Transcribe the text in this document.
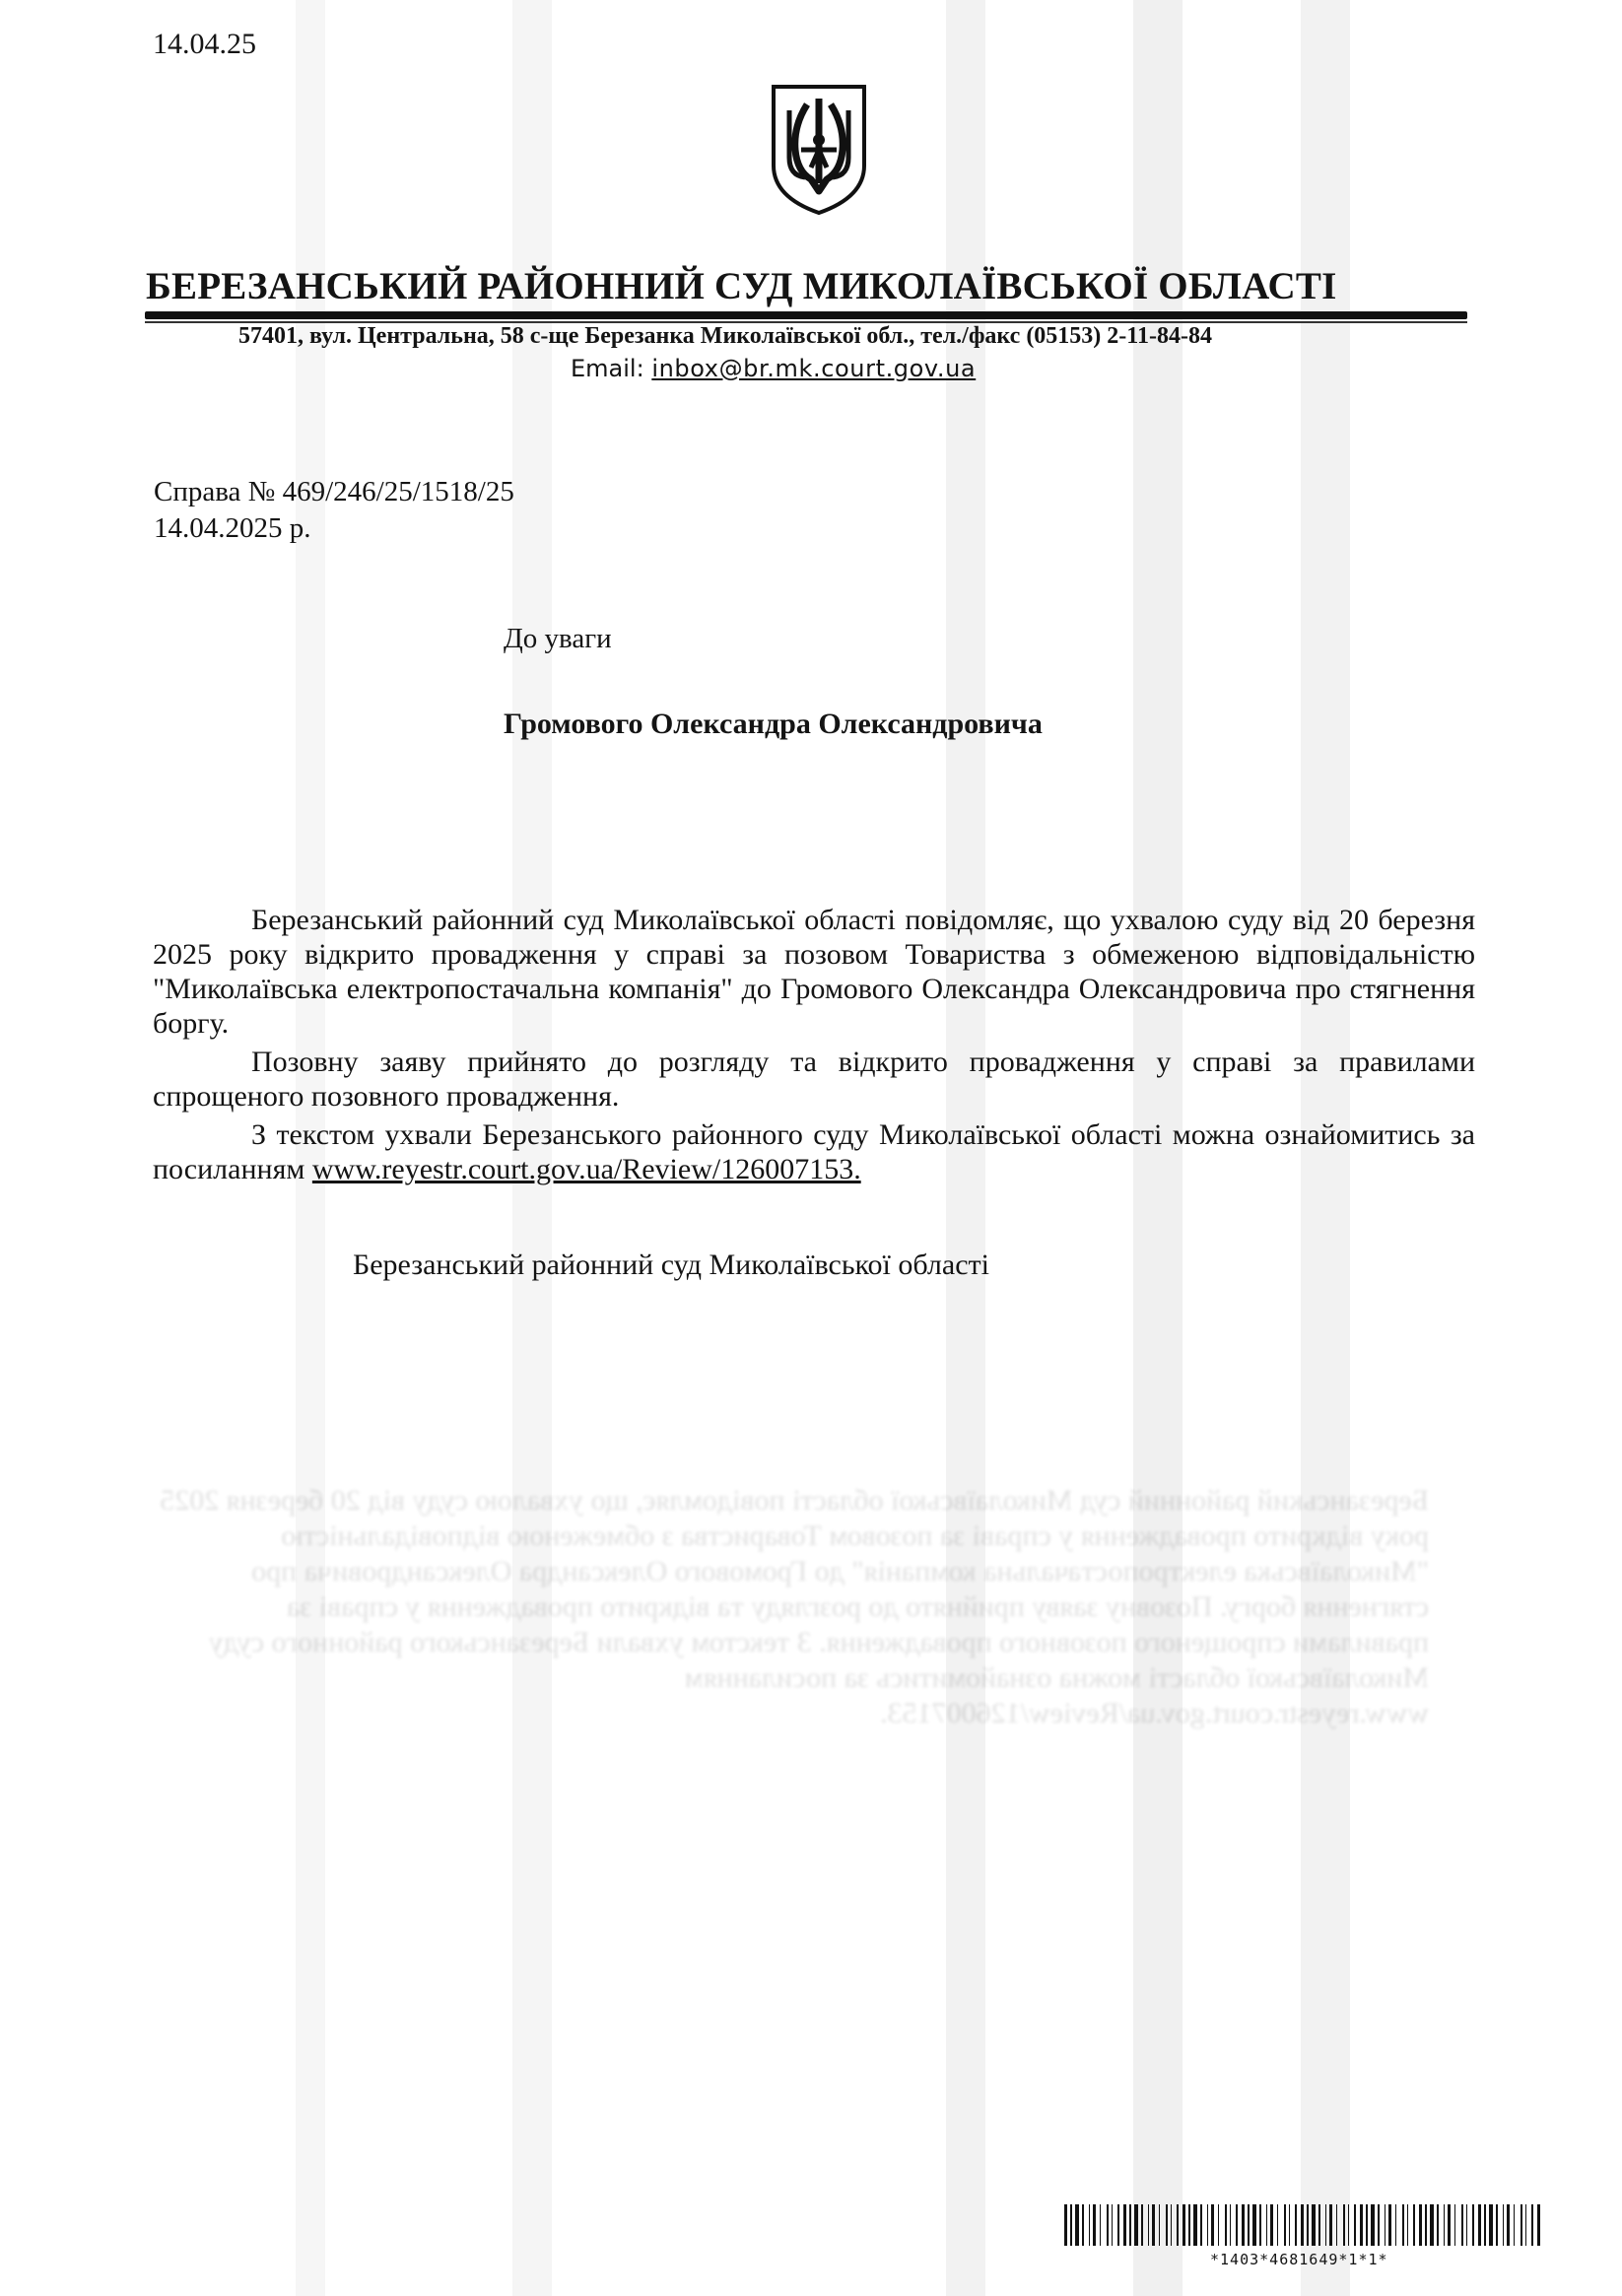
14.04.25
БЕРЕЗАНСЬКИЙ РАЙОННИЙ СУД МИКОЛАЇВСЬКОЇ ОБЛАСТІ
57401, вул. Центральна, 58 с-ще Березанка Миколаївської обл., тел./факс (05153) 2-11-84-84
Email: inbox@br.mk.court.gov.ua
Справа № 469/246/25/1518/25
14.04.2025 р.
До уваги
Громового Олександра Олександровича
Березанський районний суд Миколаївської області повідомляє, що ухвалою суду від 20 березня 2025 року відкрито провадження у справі за позовом Товариства з обмеженою відповідальністю "Миколаївська електропостачальна компанія" до Громового Олександра Олександровича про стягнення боргу. Позовну заяву прийнято до розгляду та відкрито провадження у справі за правилами спрощеного позовного провадження. З текстом ухвали Березанського районного суду Миколаївської області можна ознайомитись за посиланням www.reyestr.court.gov.ua/Review/126007153.

Березанський районний суд Миколаївської області повідомляє, що ухвалою суду від 20 березня 2025 року відкрито провадження у справі за позовом Товариства з обмеженою відповідальністю "Миколаївська електропостачальна компанія" до Громового Олександра Олександровича про стягнення боргу.

Позовну заяву прийнято до розгляду та відкрито провадження у справі за правилами спрощеного позовного провадження.

З текстом ухвали Березанського районного суду Миколаївської області можна ознайомитись за посиланням www.reyestr.court.gov.ua/Review/126007153.

Березанський районний суд Миколаївської області
*1403*4681649*1*1*
